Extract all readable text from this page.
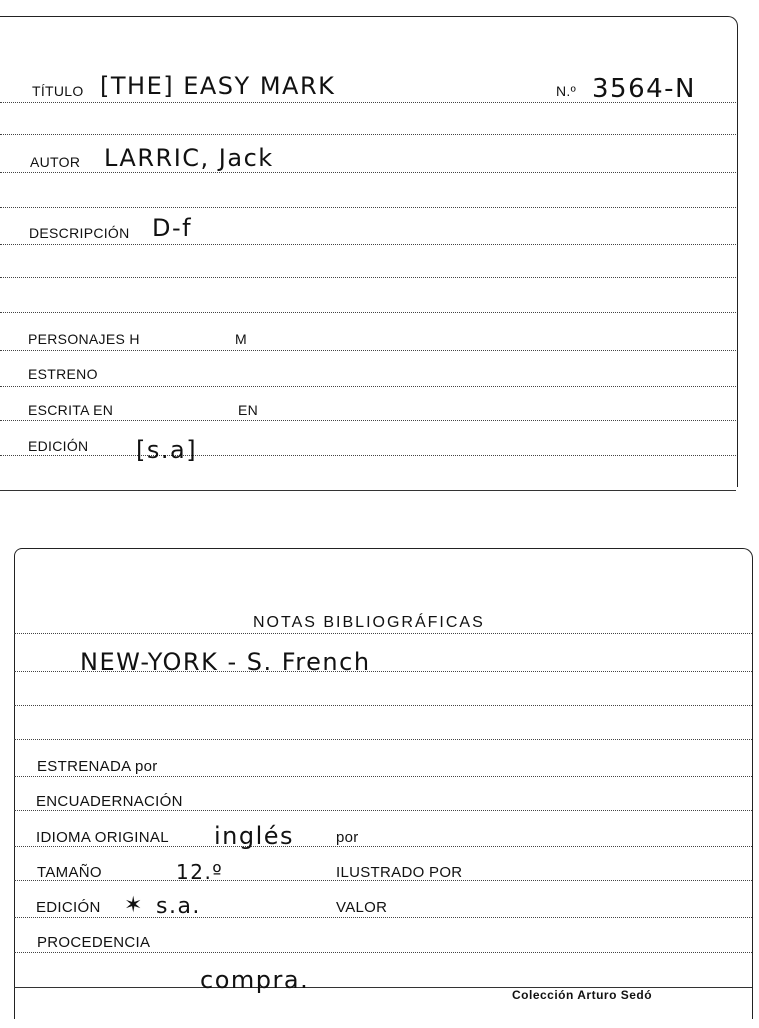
TÍTULO [THE] EASY MARK	N.º 3564-N
AUTOR LARRIC, Jack
DESCRIPCIÓN D-f
PERSONAJES H	M
ESTRENO
ESCRITA EN	EN
EDICIÓN [s.a]
NOTAS BIBLIOGRÁFICAS
NEW-YORK - S. French
ESTRENADA por
ENCUADERNACIÓN
IDIOMA ORIGINAL inglés	por
TAMAÑO	12.º	ILUSTRADO POR
EDICIÓN ✶ s.a.	VALOR
PROCEDENCIA
compra.
Colección Arturo Sedó
